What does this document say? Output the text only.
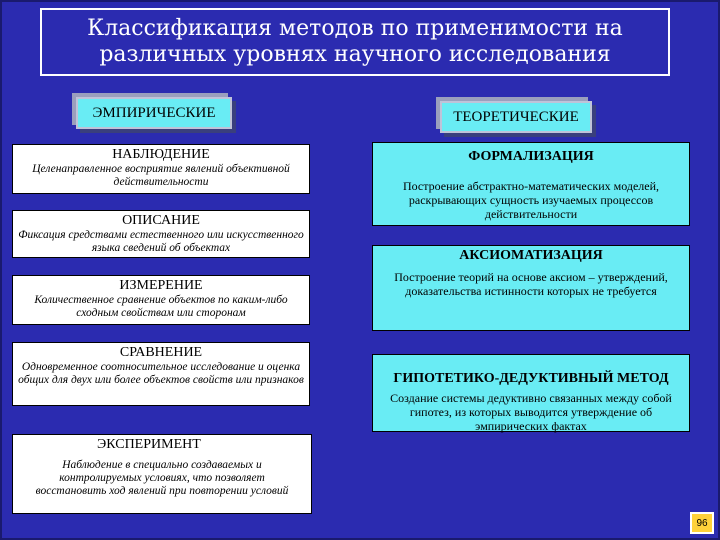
Классификация методов по применимости на
различных уровнях научного исследования
ЭМПИРИЧЕСКИЕ	ТЕОРЕТИЧЕСКИЕ
НАБЛЮДЕНИЕ
Целенаправленное восприятие явлений объективной действительности
ОПИСАНИЕ
Фиксация средствами естественного или искусственного языка сведений об объектах
ИЗМЕРЕНИЕ
Количественное сравнение объектов по каким-либо сходным свойствам или сторонам
СРАВНЕНИЕ
Одновременное соотносительное исследование и оценка общих для двух или более объектов свойств или признаков
ЭКСПЕРИМЕНТ
Наблюдение в специально создаваемых и контролируемых условиях, что позволяет восстановить ход явлений при повторении условий
ФОРМАЛИЗАЦИЯ
Построение абстрактно-математических моделей, раскрывающих сущность изучаемых процессов действительности
АКСИОМАТИЗАЦИЯ
Построение теорий на основе аксиом – утверждений, доказательства истинности которых не требуется
ГИПОТЕТИКО-ДЕДУКТИВНЫЙ МЕТОД
Создание системы дедуктивно связанных между собой гипотез, из которых выводится утверждение об эмпирических фактах
96
